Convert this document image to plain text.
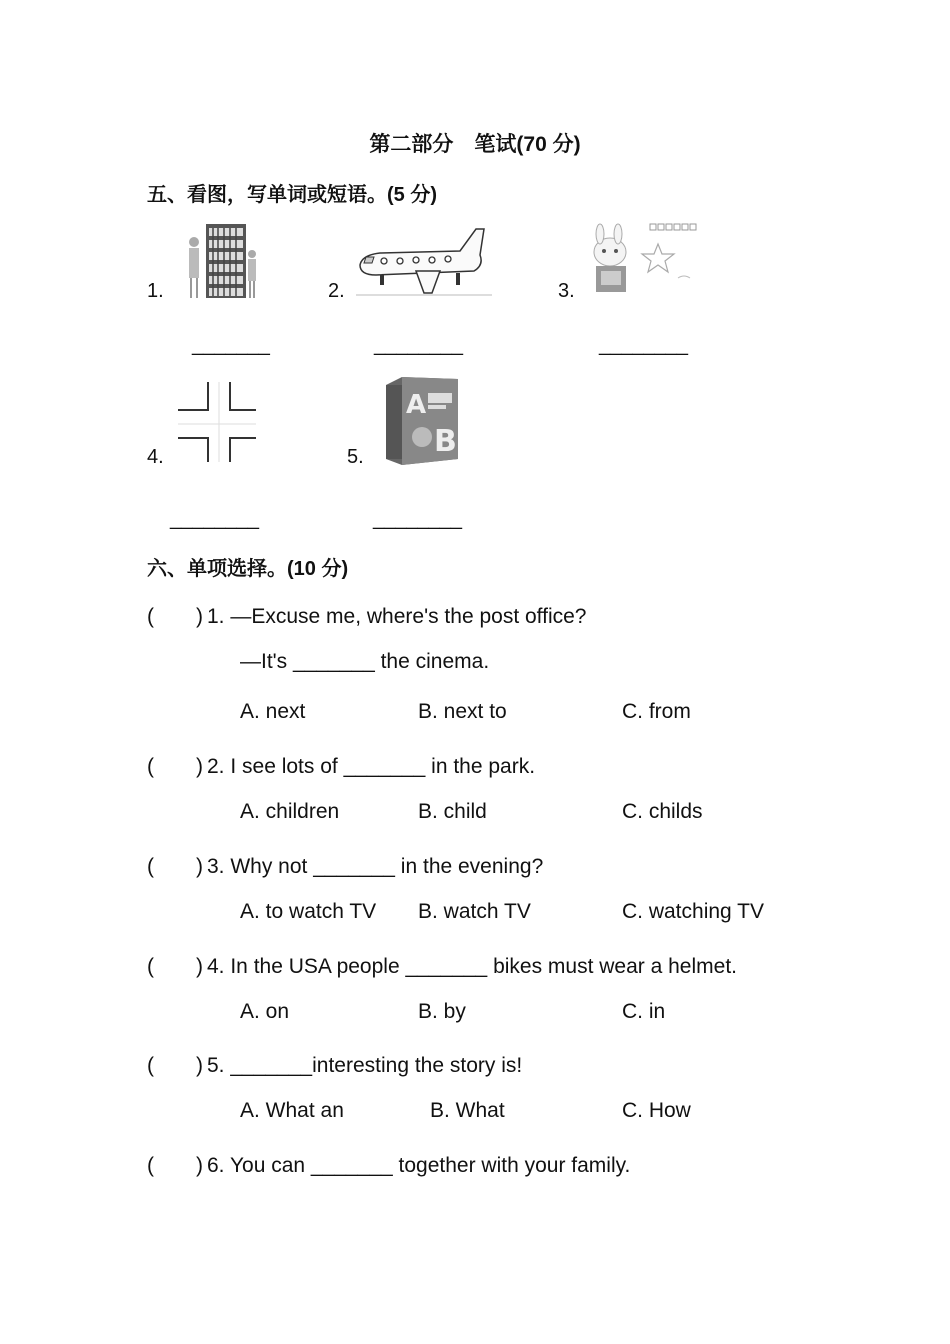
第二部分　笔试(70 分)
五、看图，写单词或短语。(5 分)
1.
_______
2.
________
3.
________
4.
________
5.
A
B
________
六、单项选择。(10 分)
(　　) 1. —Excuse me, where's the post office?
—It's _______ the cinema.
A. next	B. next to	C. from
(　　) 2. I see lots of _______ in the park.
A. children	B. child	C. childs
(　　) 3. Why not _______ in the evening?
A. to watch TV B. watch TV	C. watching TV
(　　) 4. In the USA people _______ bikes must wear a helmet.
A. on	B. by	C. in
(　　) 5. _______interesting the story is!
A. What an	B. What	C. How
(　　) 6. You can _______ together with your family.
